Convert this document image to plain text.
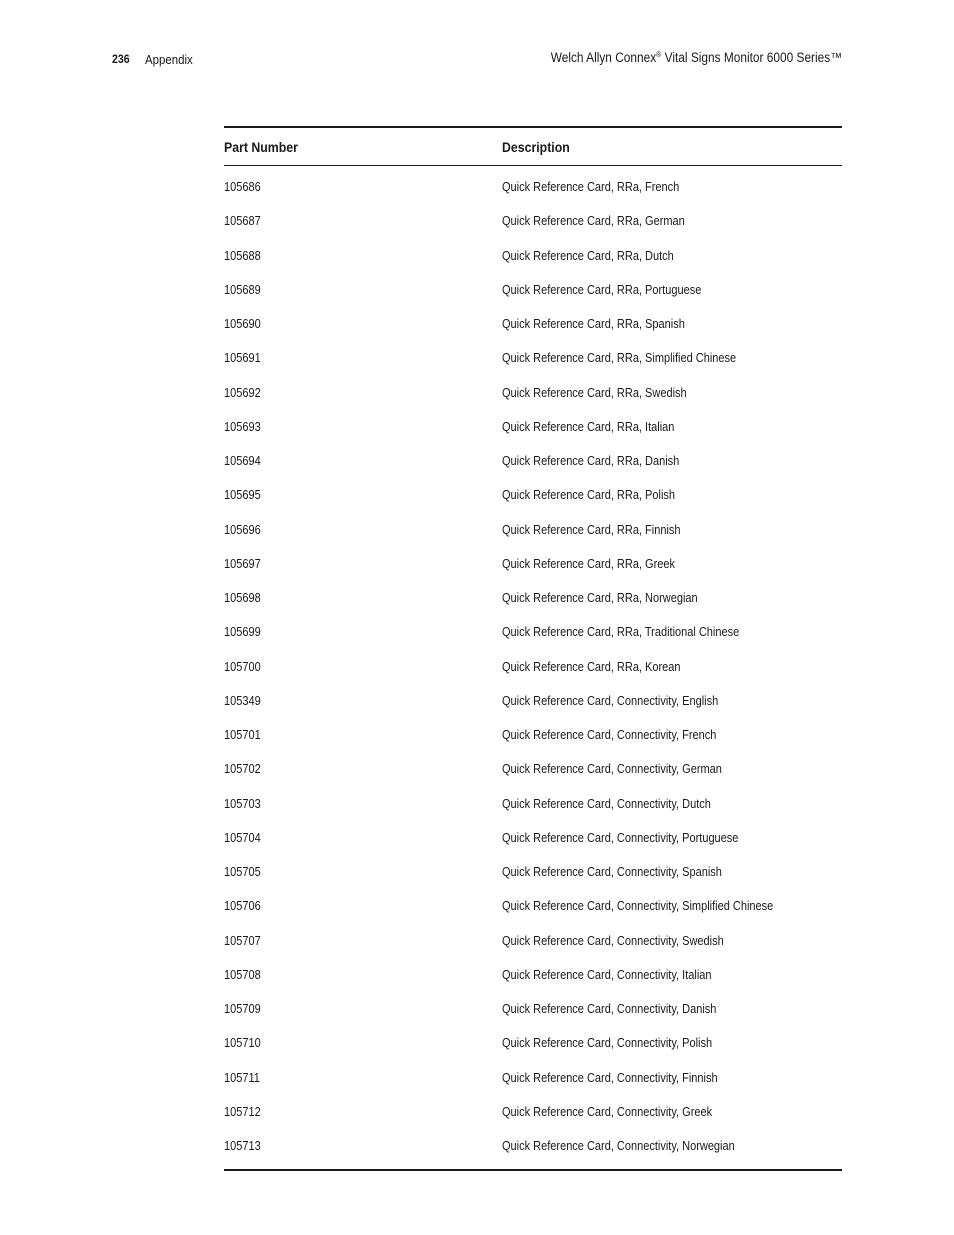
236 Appendix	Welch Allyn Connex® Vital Signs Monitor 6000 Series™
Part Number	Description
105686	Quick Reference Card, RRa, French
105687	Quick Reference Card, RRa, German
105688	Quick Reference Card, RRa, Dutch
105689	Quick Reference Card, RRa, Portuguese
105690	Quick Reference Card, RRa, Spanish
105691	Quick Reference Card, RRa, Simplified Chinese
105692	Quick Reference Card, RRa, Swedish
105693	Quick Reference Card, RRa, Italian
105694	Quick Reference Card, RRa, Danish
105695	Quick Reference Card, RRa, Polish
105696	Quick Reference Card, RRa, Finnish
105697	Quick Reference Card, RRa, Greek
105698	Quick Reference Card, RRa, Norwegian
105699	Quick Reference Card, RRa, Traditional Chinese
105700	Quick Reference Card, RRa, Korean
105349	Quick Reference Card, Connectivity, English
105701	Quick Reference Card, Connectivity, French
105702	Quick Reference Card, Connectivity, German
105703	Quick Reference Card, Connectivity, Dutch
105704	Quick Reference Card, Connectivity, Portuguese
105705	Quick Reference Card, Connectivity, Spanish
105706	Quick Reference Card, Connectivity, Simplified Chinese
105707	Quick Reference Card, Connectivity, Swedish
105708	Quick Reference Card, Connectivity, Italian
105709	Quick Reference Card, Connectivity, Danish
105710	Quick Reference Card, Connectivity, Polish
105711	Quick Reference Card, Connectivity, Finnish
105712	Quick Reference Card, Connectivity, Greek
105713	Quick Reference Card, Connectivity, Norwegian
